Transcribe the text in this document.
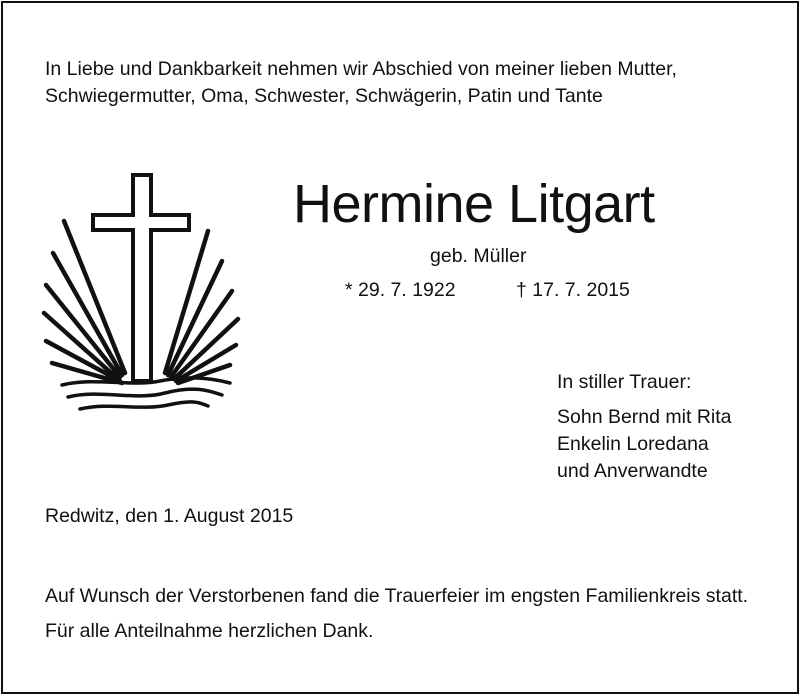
In Liebe und Dankbarkeit nehmen wir Abschied von meiner lieben Mutter,
Schwiegermutter, Oma, Schwester, Schwägerin, Patin und Tante
Hermine Litgart
geb. Müller
* 29. 7. 1922	† 17. 7. 2015
In stiller Trauer:
Sohn Bernd mit Rita
Enkelin Loredana
und Anverwandte
Redwitz, den 1. August 2015
Auf Wunsch der Verstorbenen fand die Trauerfeier im engsten Familienkreis statt.
Für alle Anteilnahme herzlichen Dank.
